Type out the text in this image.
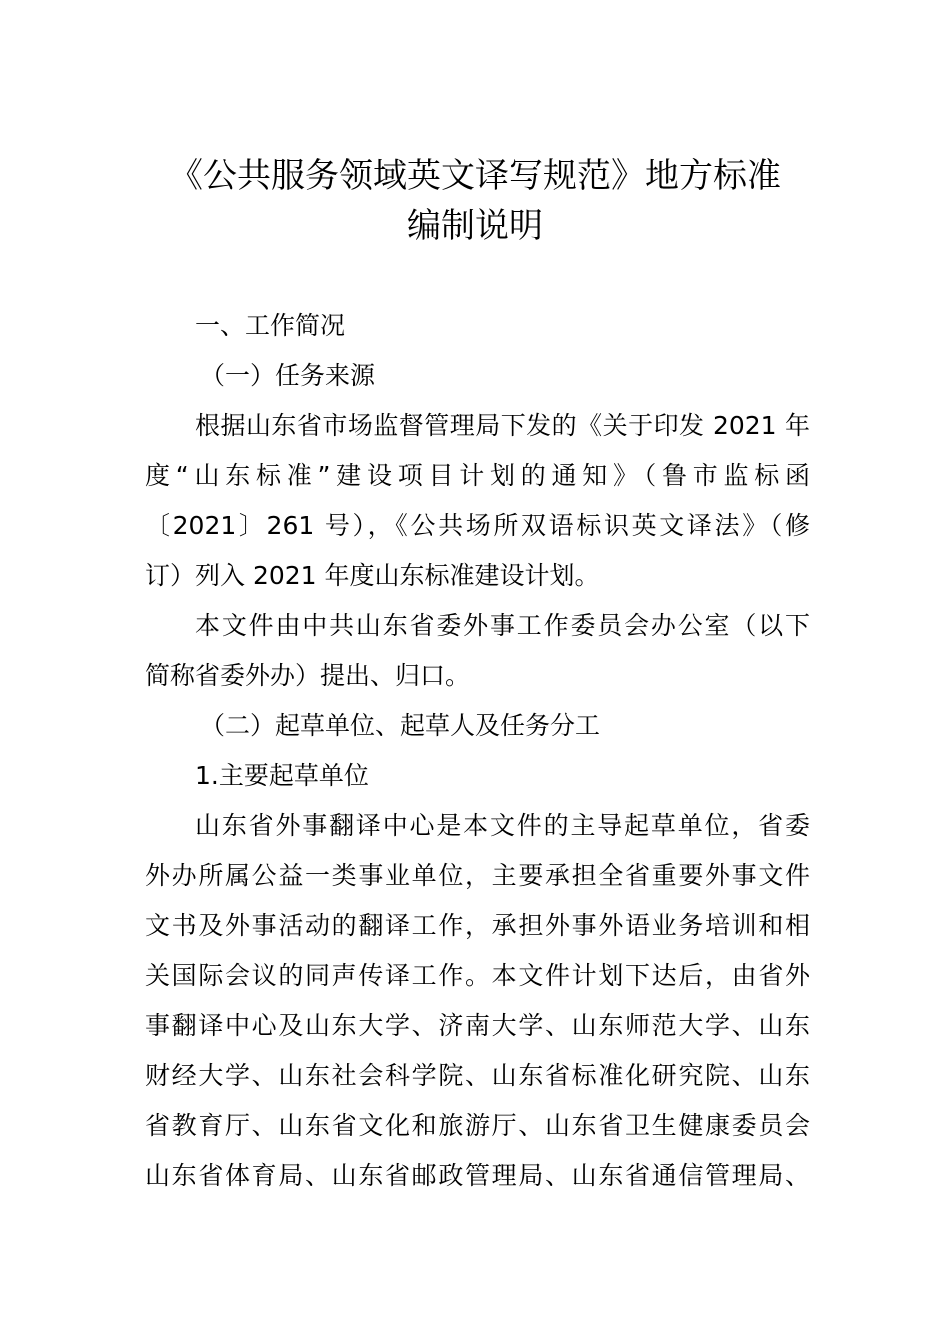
《公共服务领域英文译写规范》地方标准
编制说明
一、工作简况
（一）任务来源
根据山东省市场监督管理局下发的《关于印发 2021 年
度“山东标准”建设项目计划的通知》（鲁市监标函
〔2021〕261 号），《公共场所双语标识英文译法》（修
订）列入 2021 年度山东标准建设计划。
本文件由中共山东省委外事工作委员会办公室（以下
简称省委外办）提出、归口。
（二）起草单位、起草人及任务分工
1.主要起草单位
山东省外事翻译中心是本文件的主导起草单位，省委
外办所属公益一类事业单位，主要承担全省重要外事文件
文书及外事活动的翻译工作，承担外事外语业务培训和相
关国际会议的同声传译工作。本文件计划下达后，由省外
事翻译中心及山东大学、济南大学、山东师范大学、山东
财经大学、山东社会科学院、山东省标准化研究院、山东
省教育厅、山东省文化和旅游厅、山东省卫生健康委员会
山东省体育局、山东省邮政管理局、山东省通信管理局、
